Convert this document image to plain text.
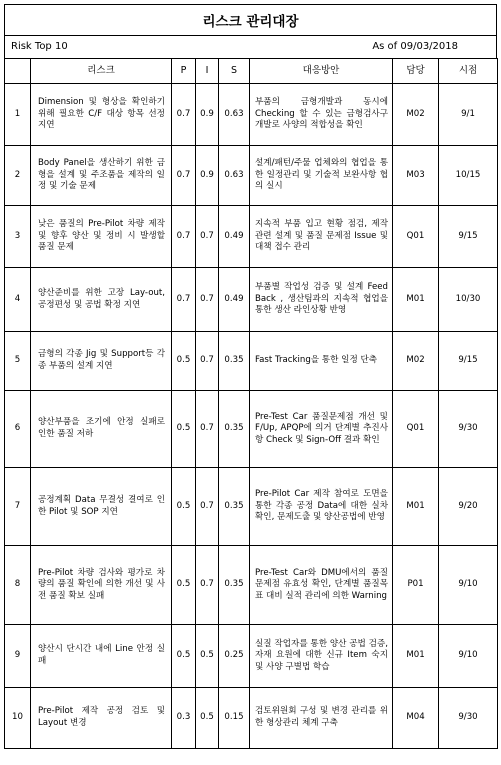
리스크 관리대장
Risk Top 10	As of 09/03/2018
	리스크	P	I	S	대응방안	담당	시점
1	Dimension 및 형상을 확인하기 위해 필요한 C/F 대상 항목 선정 지연	0.7	0.9	0.63	부품의 금형개발과 동시에 Checking 할 수 있는 금형검사구 개발로 사양의 적합성을 확인	M02	9/1
2	Body Panel을 생산하기 위한 금형을 설계 및 주조품을 제작의 일정 및 기술 문제	0.7	0.9	0.63	설계/패턴/주물 업체와의 협업을 통한 일정관리 및 기술적 보완사항 협의 실시	M03	10/15
3	낮은 품질의 Pre-Pilot 차량 제작 및 향후 양산 및 정비 시 발생할 품질 문제	0.7	0.7	0.49	지속적 부품 입고 현황 점검, 제작 관련 설계 및 품질 문제점 Issue 및 대책 접수 관리	Q01	9/15
4	양산준비를 위한 고장 Lay-out, 공정편성 및 공법 확정 지연	0.7	0.7	0.49	부품별 작업성 검증 및 설계 Feed Back , 생산팀과의 지속적 협업을 통한 생산 라인상황 반영	M01	10/30
5	금형의 각종 Jig 및 Support등 각종 부품의 설계 지연	0.5	0.7	0.35	Fast Tracking을 통한 일정 단축	M02	9/15
6	양산부품을 조기에 안정 실패로 인한 품질 저하	0.5	0.7	0.35	Pre-Test Car 품질문제점 개선 및 F/Up, APQP에 의거 단계별 추진사항 Check 및 Sign-Off 결과 확인	Q01	9/30
7	공정계획 Data 무결성 결여로 인한 Pilot 및 SOP 지연	0.5	0.7	0.35	Pre-Pilot Car 제작 참여로 도면을 통한 각종 공정 Data에 대한 실차 확인, 문제도출 및 양산공법에 반영	M01	9/20
8	Pre-Pilot 차량 검사와 평가로 차량의 품질 확인에 의한 개선 및 사전 품질 확보 실패	0.5	0.7	0.35	Pre-Test Car와 DMU에서의 품질문제점 유효성 확인, 단계별 품질목표 대비 실적 관리에 의한 Warning	P01	9/10
9	양산시 단시간 내에 Line 안정 실패	0.5	0.5	0.25	실질 작업자를 통한 양산 공법 검증, 자재 요원에 대한 신규 Item 숙지 및 사양 구별법 학습	M01	9/10
10	Pre-Pilot 제작 공정 검토 및 Layout 변경	0.3	0.5	0.15	검토위원회 구성 및 변경 관리를 위한 형상관리 체계 구축	M04	9/30
